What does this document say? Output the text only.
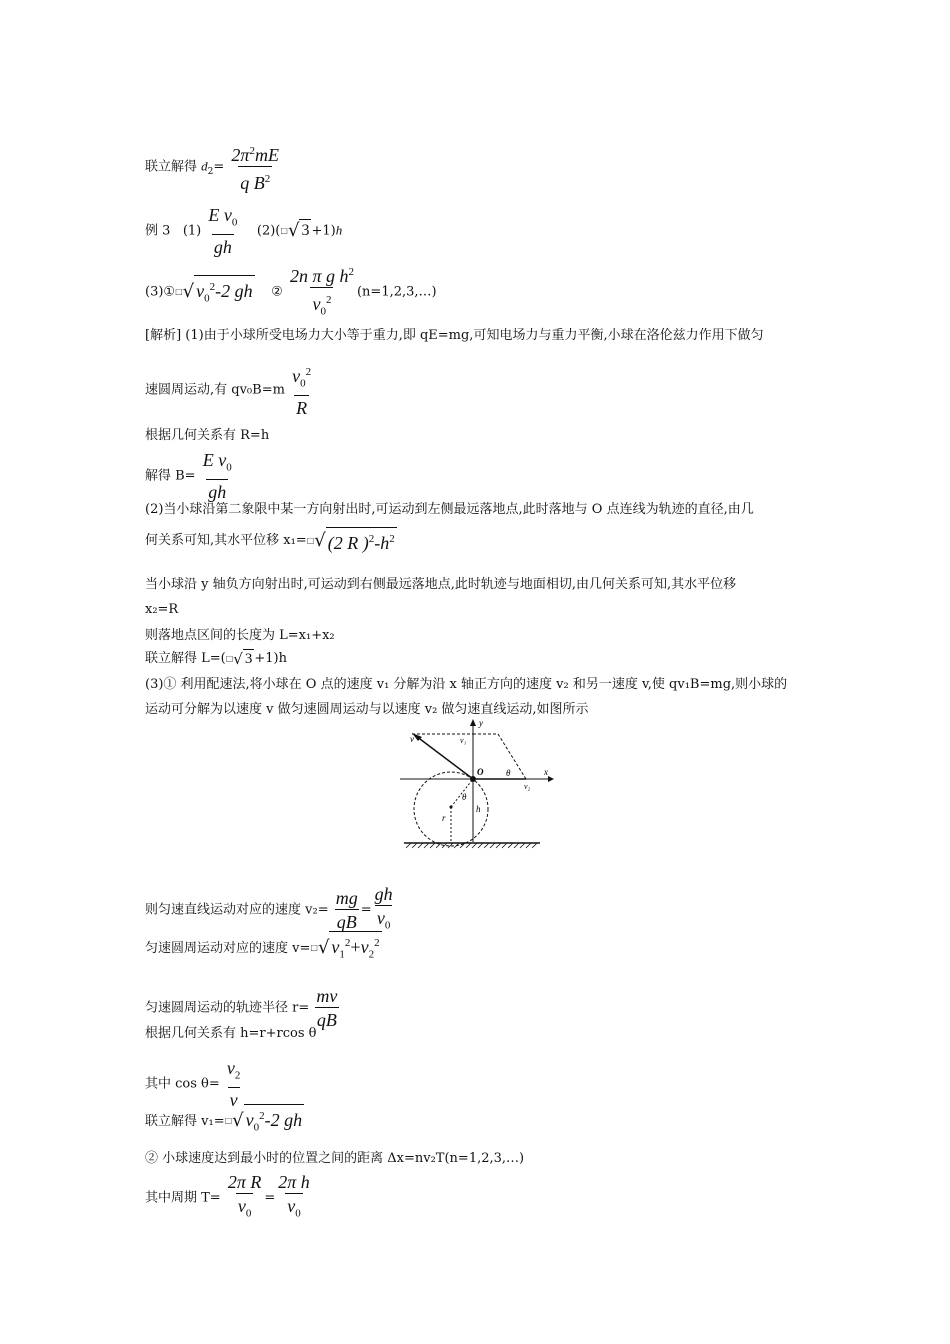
联立解得 $d_2= \frac{2\pi^2mE}{q B^2}$
例 3 $(1) \frac{E v_0}{gh} (2)$( □ √ 3 +1)h
(3)① □ √ $v_0^2-2$ gh ② $\frac{2n \pi g h^2}{v_0^2}$ (n=1,2,3,…)
[解析] (1)由于小球所受电场力大小等于重力,即 qE=mg,可知电场力与重力平衡,小球在洛伦兹力作用下做匀
速圆周运动,有 $qv_0B=m \frac{v_0^2}{R}$
根据几何关系有 R=h
解得 $B= \frac{E v_0}{gh}$
(2)当小球沿第二象限中某一方向射出时,可运动到左侧最远落地点,此时落地与 O 点连线为轨迹的直径,由几
何关系可知,其水平位移 x₁= □ √ (2 R )$^2-h^2$
当小球沿 y 轴负方向射出时,可运动到右侧最远落地点,此时轨迹与地面相切,由几何关系可知,其水平位移
x₂=R
则落地点区间的长度为 L=x₁+x₂
联立解得 L=( □ √ 3 +1)h
(3)① 利用配速法,将小球在 O 点的速度 v₁ 分解为沿 x 轴正方向的速度 v₂ 和另一速度 v,使 qv₁B=mg,则小球的
运动可分解为以速度 v 做匀速圆周运动与以速度 v₂ 做匀速直线运动,如图所示
v	v₁
y
O	θ	x
v₂
r
h
θ
则匀速直线运动对应的速度 $v_2= \frac{mg}{qB} = \frac{gh}{v_0}$
匀速圆周运动对应的速度 v= □ √ $v_1^2+v_2^2$
匀速圆周运动的轨迹半径 $r= \frac{mv}{qB}$
根据几何关系有 h=r+rcos θ
其中 $\cos \theta= \frac{v_2}{v}$
联立解得 v₁= □ √ $v_0^2-2$ gh
② 小球速度达到最小时的位置之间的距离 Δx=nv₂T(n=1,2,3,…)
其中周期 $T= \frac{\text{2π R}}{v_0} = \frac{\text{2π h}}{v_0}$
